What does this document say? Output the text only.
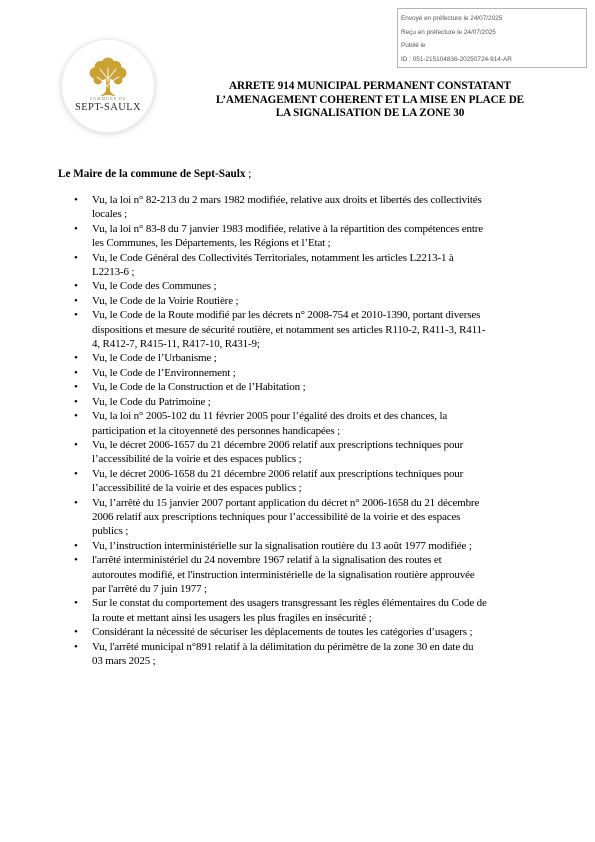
Envoyé en préfecture le 24/07/2025
Reçu en préfecture le 24/07/2025
Publié le
ID : 051-215104836-20250724-914-AR
COMMUNE DE
SEPT-SAULX
ARRETE 914 MUNICIPAL PERMANENT CONSTATANT
L’AMENAGEMENT COHERENT ET LA MISE EN PLACE DE
LA SIGNALISATION DE LA ZONE 30
Le Maire de la commune de Sept-Saulx ;
• Vu, la loi n° 82-213 du 2 mars 1982 modifiée, relative aux droits et libertés des collectivités
locales ;
• Vu, la loi n° 83-8 du 7 janvier 1983 modifiée, relative à la répartition des compétences entre
les Communes, les Départements, les Régions et l’Etat ;
• Vu, le Code Général des Collectivités Territoriales, notamment les articles L2213-1 à
L2213-6 ;
• Vu, le Code des Communes ;
• Vu, le Code de la Voirie Routière ;
• Vu, le Code de la Route modifié par les décrets n° 2008-754 et 2010-1390, portant diverses
dispositions et mesure de sécurité routière, et notamment ses articles R110-2, R411-3, R411-
4, R412-7, R415-11, R417-10, R431-9;
• Vu, le Code de l’Urbanisme ;
• Vu, le Code de l’Environnement ;
• Vu, le Code de la Construction et de l’Habitation ;
• Vu, le Code du Patrimoine ;
• Vu, la loi n° 2005-102 du 11 février 2005 pour l’égalité des droits et des chances, la
participation et la citoyenneté des personnes handicapées ;
• Vu, le décret 2006-1657 du 21 décembre 2006 relatif aux prescriptions techniques pour
l’accessibilité de la voirie et des espaces publics ;
• Vu, le décret 2006-1658 du 21 décembre 2006 relatif aux prescriptions techniques pour
l’accessibilité de la voirie et des espaces publics ;
• Vu, l’arrêté du 15 janvier 2007 portant application du décret n° 2006-1658 du 21 décembre
2006 relatif aux prescriptions techniques pour l’accessibilité de la voirie et des espaces
publics ;
• Vu, l’instruction interministérielle sur la signalisation routière du 13 août 1977 modifiée ;
• l'arrêté interministériel du 24 novembre 1967 relatif à la signalisation des routes et
autoroutes modifié, et l'instruction interministérielle de la signalisation routière approuvée
par l'arrêté du 7 juin 1977 ;
• Sur le constat du comportement des usagers transgressant les règles élémentaires du Code de
la route et mettant ainsi les usagers les plus fragiles en insécurité ;
• Considérant la nécessité de sécuriser les déplacements de toutes les catégories d’usagers ;
• Vu, l'arrêté municipal n°891 relatif à la délimitation du périmètre de la zone 30 en date du
03 mars 2025 ;
